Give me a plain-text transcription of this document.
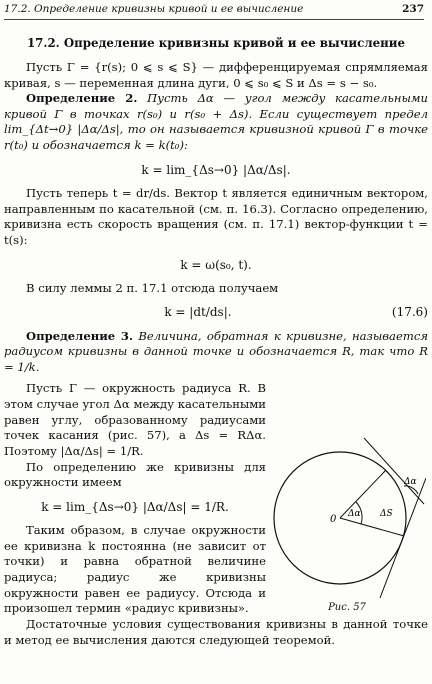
17.2. Определение кривизны кривой и ее вычисление	237
17.2. Определение кривизны кривой и ее вычисление

Пусть Γ = {r(s); 0 ⩽ s ⩽ S} — дифференцируемая спрямляемая кривая, s — переменная длина дуги, 0 ⩽ s₀ ⩽ S и Δs = s − s₀.

Определение 2. Пусть Δα — угол между касательными кривой Γ в точках r(s₀) и r(s₀ + Δs). Если существует предел lim_{Δt→0} |Δα/Δs|, то он называется кривизной кривой Γ в точке r(t₀) и обозначается k = k(t₀):

k = lim_{Δs→0} |Δα/Δs|.

Пусть теперь t = dr/ds. Вектор t является единичным вектором, направленным по касательной (см. п. 16.3). Согласно определению, кривизна есть скорость вращения (см. п. 17.1) вектор-функции t = t(s):

k = ω(s₀, t).

В силу леммы 2 п. 17.1 отсюда получаем

k = |dt/ds|.	(17.6)

Определение 3. Величина, обратная к кривизне, называется радиусом кривизны в данной точке и обозначается R, так что R = 1/k.

Пусть Γ — окружность радиуса R. В этом случае угол Δα между касательными равен углу, образованному радиусами точек касания (рис. 57), а Δs = RΔα. Поэтому |Δα/Δs| = 1/R.

По определению же кривизны для окружности имеем

k = lim_{Δs→0} |Δα/Δs| = 1/R.

Таким образом, в случае окружности ее кривизна k постоянна (не зависит от точки) и равна обратной величине радиуса; радиус же кривизны окружности равен ее радиусу. Отсюда и произошел термин «радиус кривизны».

Достаточные условия существования кривизны в данной точке и метод ее вычисления даются следующей теоремой.

0 Δα
Δα
ΔS
Рис. 57
